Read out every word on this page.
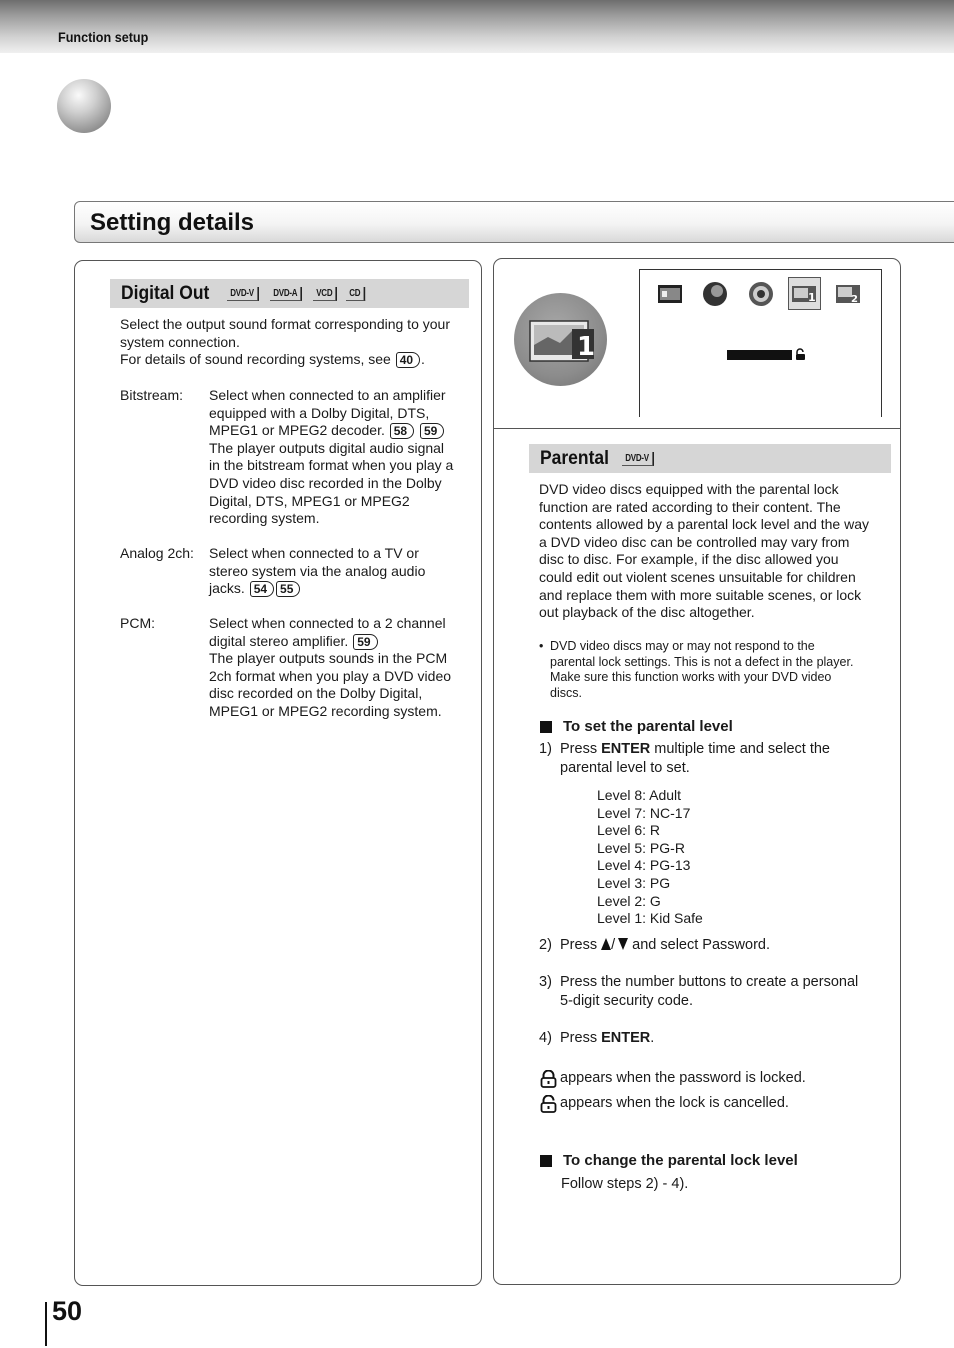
Function setup
Setting details
Digital Out	DVD-V	DVD-A	VCD	CD
Select the output sound format corresponding to your
system connection.
For details of sound recording systems, see 40 .
Bitstream: Select when connected to an amplifier
equipped with a Dolby Digital, DTS,
MPEG1 or MPEG2 decoder. 58 59
The player outputs digital audio signal
in the bitstream format when you play a
DVD video disc recorded in the Dolby
Digital, DTS, MPEG1 or MPEG2
recording system.
Analog 2ch: Select when connected to a TV or
stereo system via the analog audio
jacks. 54 55
PCM:	Select when connected to a 2 channel
digital stereo amplifier. 59
The player outputs sounds in the PCM
2ch format when you play a DVD video
disc recorded on the Dolby Digital,
MPEG1 or MPEG2 recording system.
1
1	2
Parental	DVD-V
DVD video discs equipped with the parental lock
function are rated according to their content. The
contents allowed by a parental lock level and the way
a DVD video disc can be controlled may vary from
disc to disc. For example, if the disc allowed you
could edit out violent scenes unsuitable for children
and replace them with more suitable scenes, or lock
out playback of the disc altogether.
• DVD video discs may or may not respond to the
parental lock settings. This is not a defect in the player.
Make sure this function works with your DVD video
discs.
To set the parental level
1) Press ENTER multiple time and select the
parental level to set.
Level 8: Adult
Level 7: NC-17
Level 6: R
Level 5: PG-R
Level 4: PG-13
Level 3: PG
Level 2: G
Level 1: Kid Safe
2) Press / and select Password.
3) Press the number buttons to create a personal
5-digit security code.
4) Press ENTER.
appears when the password is locked.
appears when the lock is cancelled.
To change the parental lock level
Follow steps 2) - 4).
50
